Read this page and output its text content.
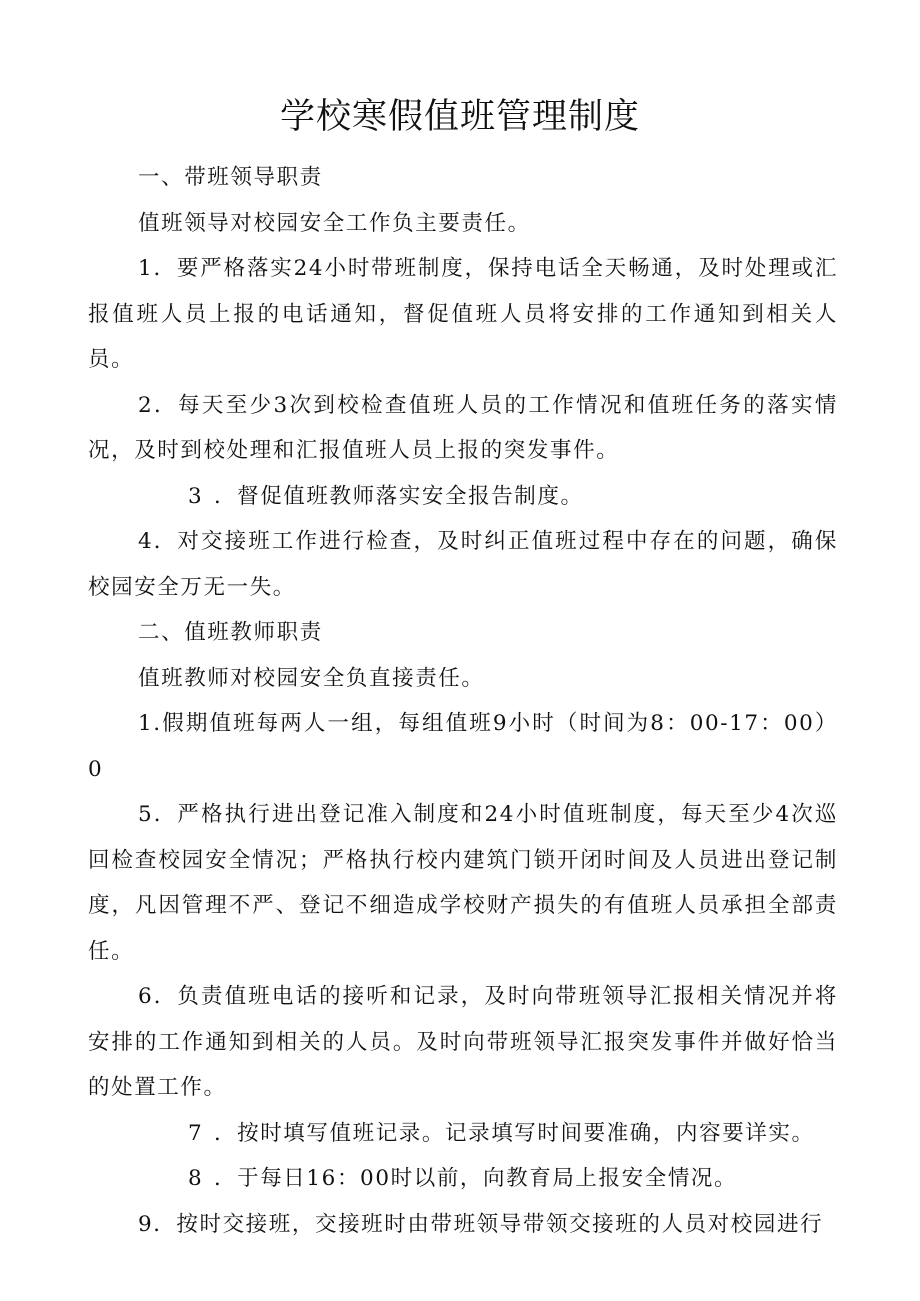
学校寒假值班管理制度

一、带班领导职责

值班领导对校园安全工作负主要责任。

1．要严格落实24小时带班制度，保持电话全天畅通，及时处理或汇报值班人员上报的电话通知，督促值班人员将安排的工作通知到相关人员。

2．每天至少3次到校检查值班人员的工作情况和值班任务的落实情况，及时到校处理和汇报值班人员上报的突发事件。

3 ．督促值班教师落实安全报告制度。

4．对交接班工作进行检查，及时纠正值班过程中存在的问题，确保校园安全万无一失。

二、值班教师职责

值班教师对校园安全负直接责任。

1.假期值班每两人一组，每组值班9小时（时间为8：00-17：00）0

5．严格执行进出登记准入制度和24小时值班制度，每天至少4次巡回检查校园安全情况；严格执行校内建筑门锁开闭时间及人员进出登记制度，凡因管理不严、登记不细造成学校财产损失的有值班人员承担全部责任。

6．负责值班电话的接听和记录，及时向带班领导汇报相关情况并将安排的工作通知到相关的人员。及时向带班领导汇报突发事件并做好恰当的处置工作。

7 ．按时填写值班记录。记录填写时间要准确，内容要详实。

8 ．于每日16：00时以前，向教育局上报安全情况。

9．按时交接班，交接班时由带班领导带领交接班的人员对校园进行
